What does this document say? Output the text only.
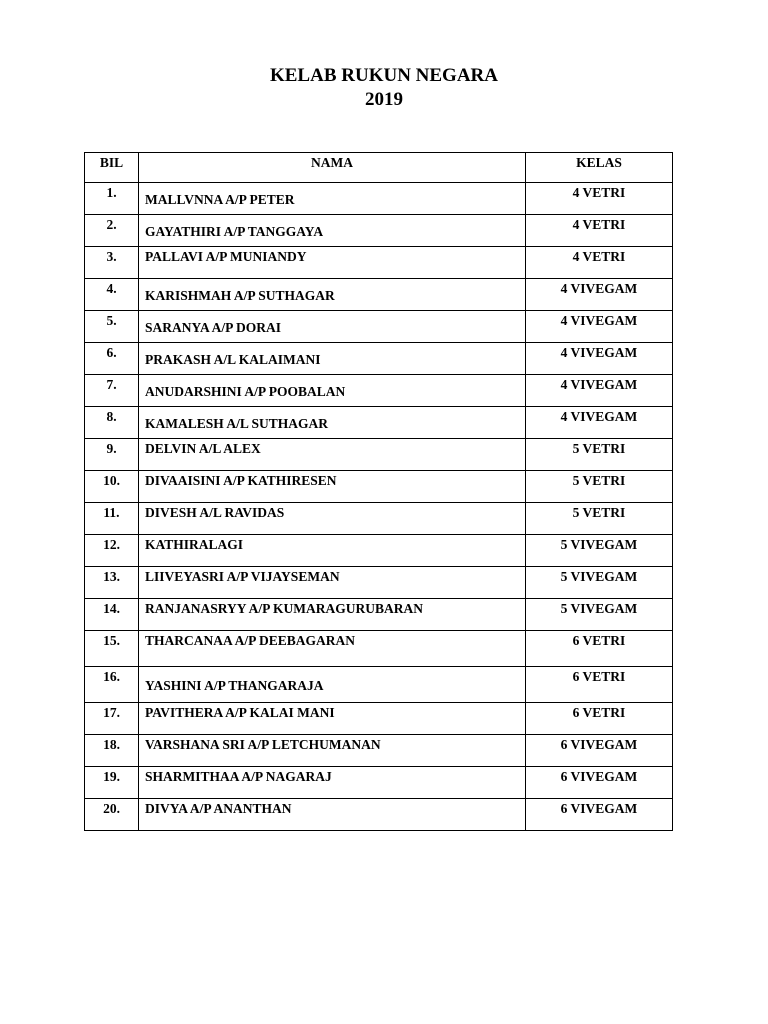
KELAB RUKUN NEGARA
2019
BIL	NAMA	KELAS
1.	MALLVNNA A/P PETER	4 VETRI
2.	GAYATHIRI A/P TANGGAYA	4 VETRI
3.	PALLAVI A/P MUNIANDY	4 VETRI
4.	KARISHMAH A/P SUTHAGAR	4 VIVEGAM
5.	SARANYA A/P DORAI	4 VIVEGAM
6.	PRAKASH A/L KALAIMANI	4 VIVEGAM
7.	ANUDARSHINI A/P POOBALAN	4 VIVEGAM
8.	KAMALESH A/L SUTHAGAR	4 VIVEGAM
9.	DELVIN A/L ALEX	5 VETRI
10.	DIVAAISINI A/P KATHIRESEN	5 VETRI
11.	DIVESH A/L RAVIDAS	5 VETRI
12.	KATHIRALAGI	5 VIVEGAM
13.	LIIVEYASRI A/P VIJAYSEMAN	5 VIVEGAM
14.	RANJANASRYY A/P KUMARAGURUBARAN	5 VIVEGAM
15.	THARCANAA A/P DEEBAGARAN	6 VETRI
16.	YASHINI A/P THANGARAJA	6 VETRI
17.	PAVITHERA A/P KALAI MANI	6 VETRI
18.	VARSHANA SRI A/P LETCHUMANAN	6 VIVEGAM
19.	SHARMITHAA A/P NAGARAJ	6 VIVEGAM
20.	DIVYA A/P ANANTHAN	6 VIVEGAM
